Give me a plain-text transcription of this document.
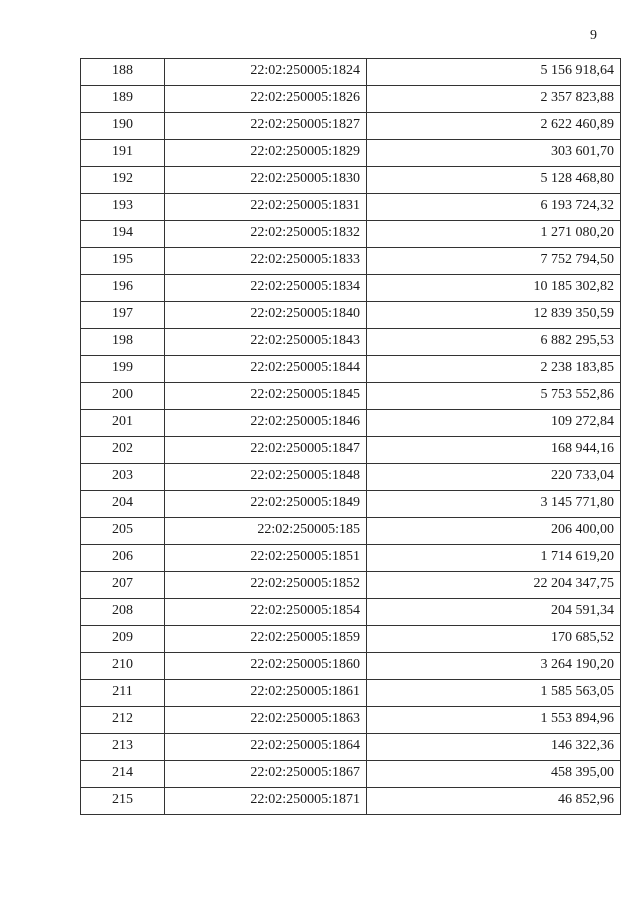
9
188	22:02:250005:1824	5 156 918,64
189	22:02:250005:1826	2 357 823,88
190	22:02:250005:1827	2 622 460,89
191	22:02:250005:1829	303 601,70
192	22:02:250005:1830	5 128 468,80
193	22:02:250005:1831	6 193 724,32
194	22:02:250005:1832	1 271 080,20
195	22:02:250005:1833	7 752 794,50
196	22:02:250005:1834	10 185 302,82
197	22:02:250005:1840	12 839 350,59
198	22:02:250005:1843	6 882 295,53
199	22:02:250005:1844	2 238 183,85
200	22:02:250005:1845	5 753 552,86
201	22:02:250005:1846	109 272,84
202	22:02:250005:1847	168 944,16
203	22:02:250005:1848	220 733,04
204	22:02:250005:1849	3 145 771,80
205	22:02:250005:185	206 400,00
206	22:02:250005:1851	1 714 619,20
207	22:02:250005:1852	22 204 347,75
208	22:02:250005:1854	204 591,34
209	22:02:250005:1859	170 685,52
210	22:02:250005:1860	3 264 190,20
211	22:02:250005:1861	1 585 563,05
212	22:02:250005:1863	1 553 894,96
213	22:02:250005:1864	146 322,36
214	22:02:250005:1867	458 395,00
215	22:02:250005:1871	46 852,96
